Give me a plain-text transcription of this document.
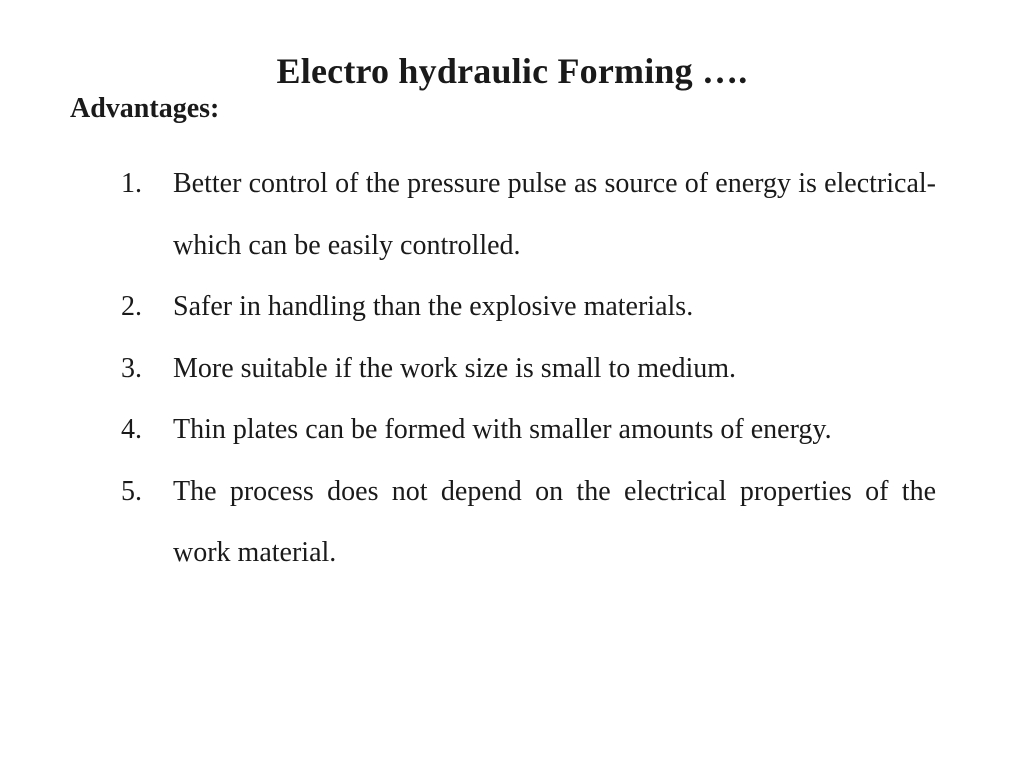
Electro hydraulic Forming ….
Advantages:
1. Better control of the pressure pulse as source of energy is electrical- which can be easily controlled.
2. Safer in handling than the explosive materials.
3. More suitable if the work size is small to medium.
4. Thin plates can be formed with smaller amounts of energy.
5. The process does not depend on the electrical properties of the work material.
